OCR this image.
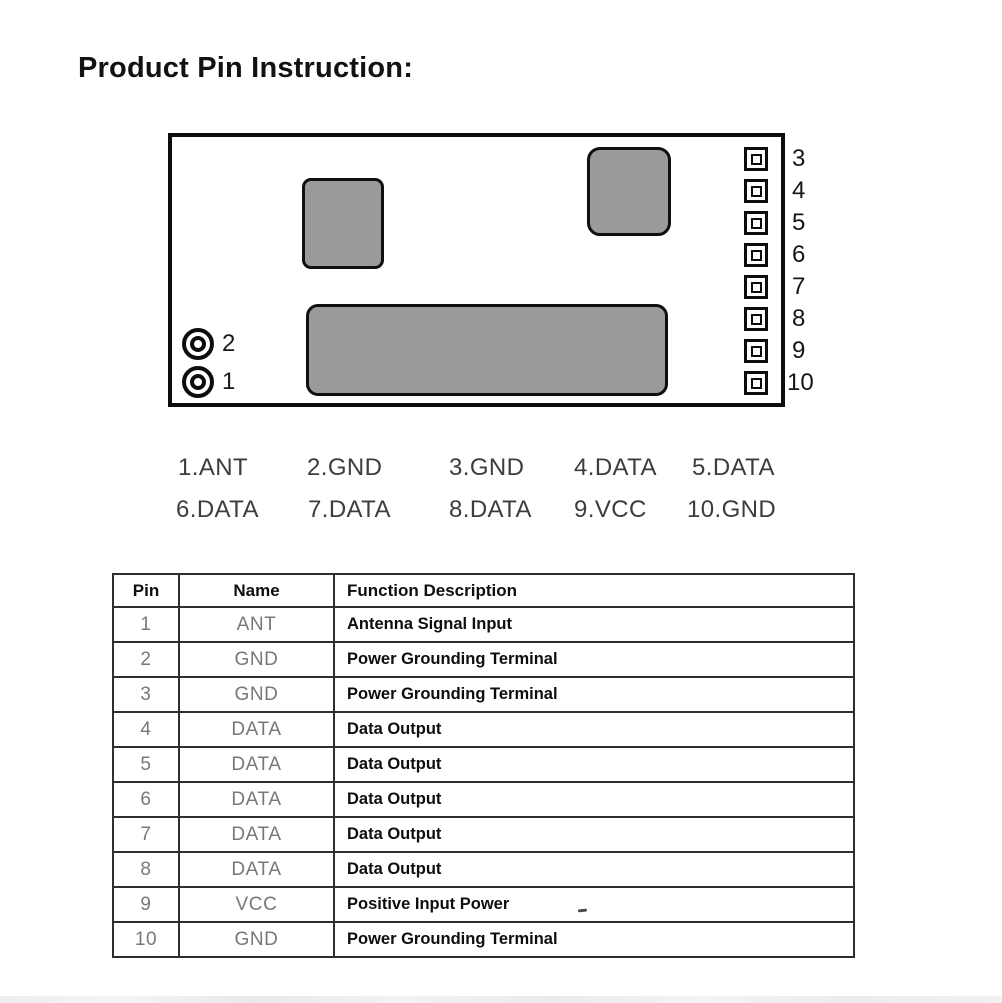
Product Pin Instruction:
2
1
3
4
5
6
7
8
9
10
1.ANT 2.GND	3.GND 4.DATA 5.DATA
6.DATA 7.DATA 8.DATA 9.VCC 10.GND
Pin	Name	Function Description
1	ANT	Antenna Signal Input
2	GND	Power Grounding Terminal
3	GND	Power Grounding Terminal
4	DATA	Data Output
5	DATA	Data Output
6	DATA	Data Output
7	DATA	Data Output
8	DATA	Data Output
9	VCC	Positive Input Power
10	GND	Power Grounding Terminal
